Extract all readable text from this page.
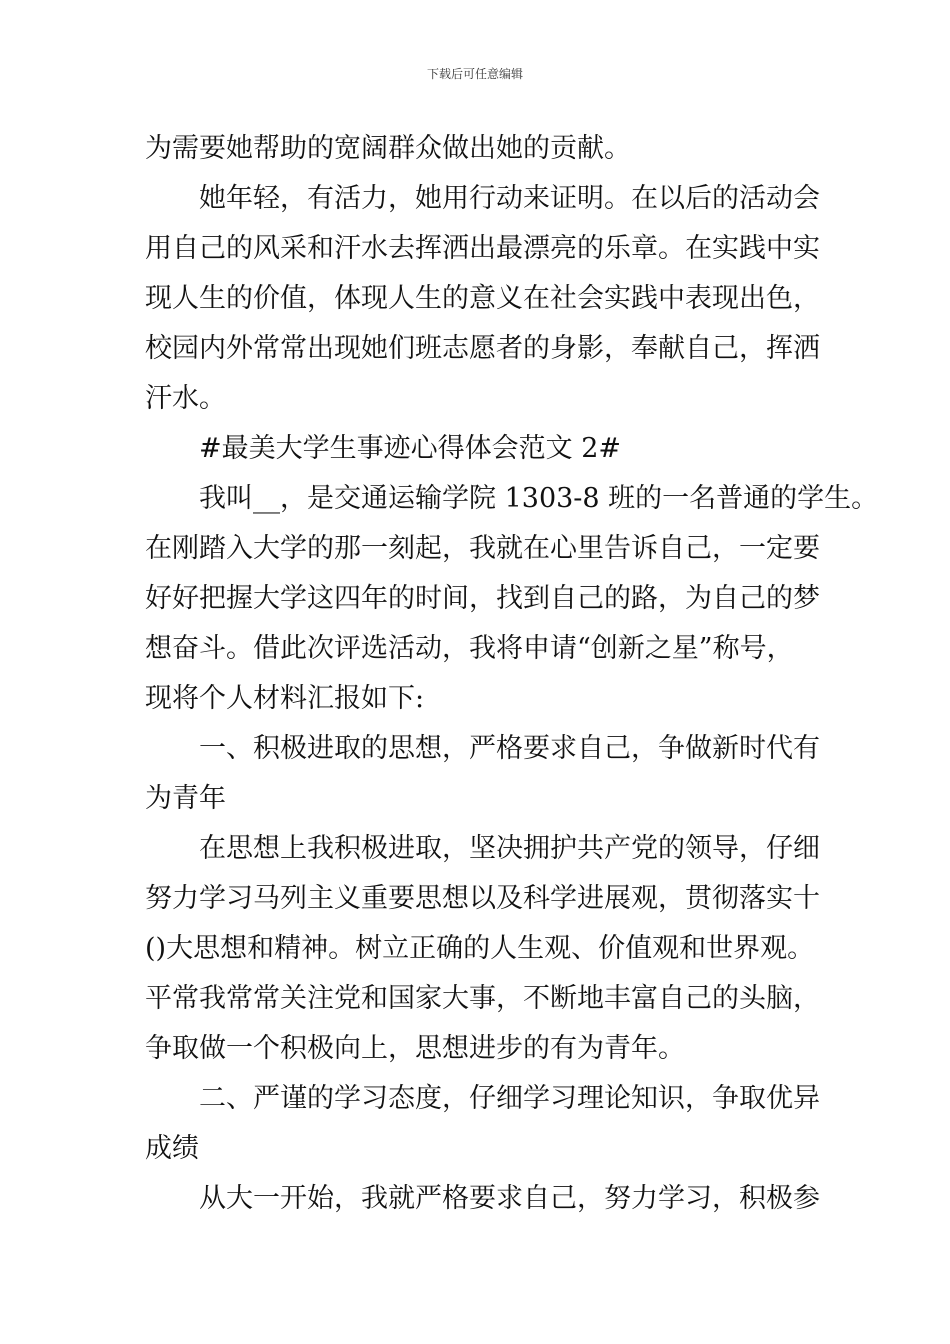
下载后可任意编辑

为需要她帮助的宽阔群众做出她的贡献。

她年轻，有活力，她用行动来证明。在以后的活动会
用自己的风采和汗水去挥洒出最漂亮的乐章。在实践中实
现人生的价值，体现人生的意义在社会实践中表现出色，
校园内外常常出现她们班志愿者的身影，奉献自己，挥洒
汗水。

#最美大学生事迹心得体会范文 2#

我叫__，是交通运输学院 1303-8 班的一名普通的学生。
在刚踏入大学的那一刻起，我就在心里告诉自己，一定要
好好把握大学这四年的时间，找到自己的路，为自己的梦
想奋斗。借此次评选活动，我将申请“创新之星”称号，
现将个人材料汇报如下:

一、积极进取的思想，严格要求自己，争做新时代有
为青年

在思想上我积极进取，坚决拥护共产党的领导，仔细
努力学习马列主义重要思想以及科学进展观，贯彻落实十
()大思想和精神。树立正确的人生观、价值观和世界观。
平常我常常关注党和国家大事，不断地丰富自己的头脑，
争取做一个积极向上，思想进步的有为青年。

二、严谨的学习态度，仔细学习理论知识，争取优异
成绩

从大一开始，我就严格要求自己，努力学习，积极参
